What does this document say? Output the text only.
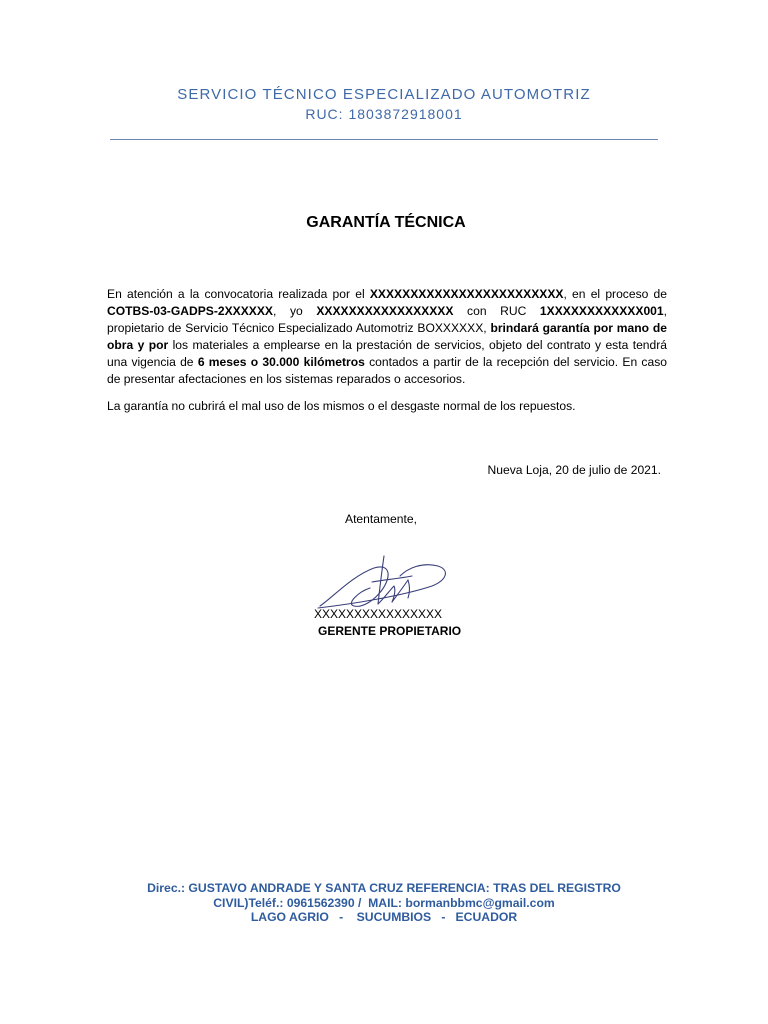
SERVICIO TÉCNICO ESPECIALIZADO AUTOMOTRIZ
RUC: 1803872918001
GARANTÍA TÉCNICA
En atención a la convocatoria realizada por el XXXXXXXXXXXXXXXXXXXXXXXX, en el proceso de COTBS-03-GADPS-2XXXXXX, yo XXXXXXXXXXXXXXXXX con RUC 1XXXXXXXXXXXX001, propietario de Servicio Técnico Especializado Automotriz BOXXXXXX, brindará garantía por mano de obra y por los materiales a emplearse en la prestación de servicios, objeto del contrato y esta tendrá una vigencia de 6 meses o 30.000 kilómetros contados a partir de la recepción del servicio. En caso de presentar afectaciones en los sistemas reparados o accesorios.
La garantía no cubrirá el mal uso de los mismos o el desgaste normal de los repuestos.
Nueva Loja, 20 de julio de 2021.
Atentamente,
XXXXXXXXXXXXXXXX
GERENTE PROPIETARIO
Direc.: GUSTAVO ANDRADE Y SANTA CRUZ REFERENCIA: TRAS DEL REGISTRO
CIVIL)Teléf.: 0961562390 /  MAIL: bormanbbmc@gmail.com
LAGO AGRIO   -    SUCUMBIOS   -   ECUADOR
